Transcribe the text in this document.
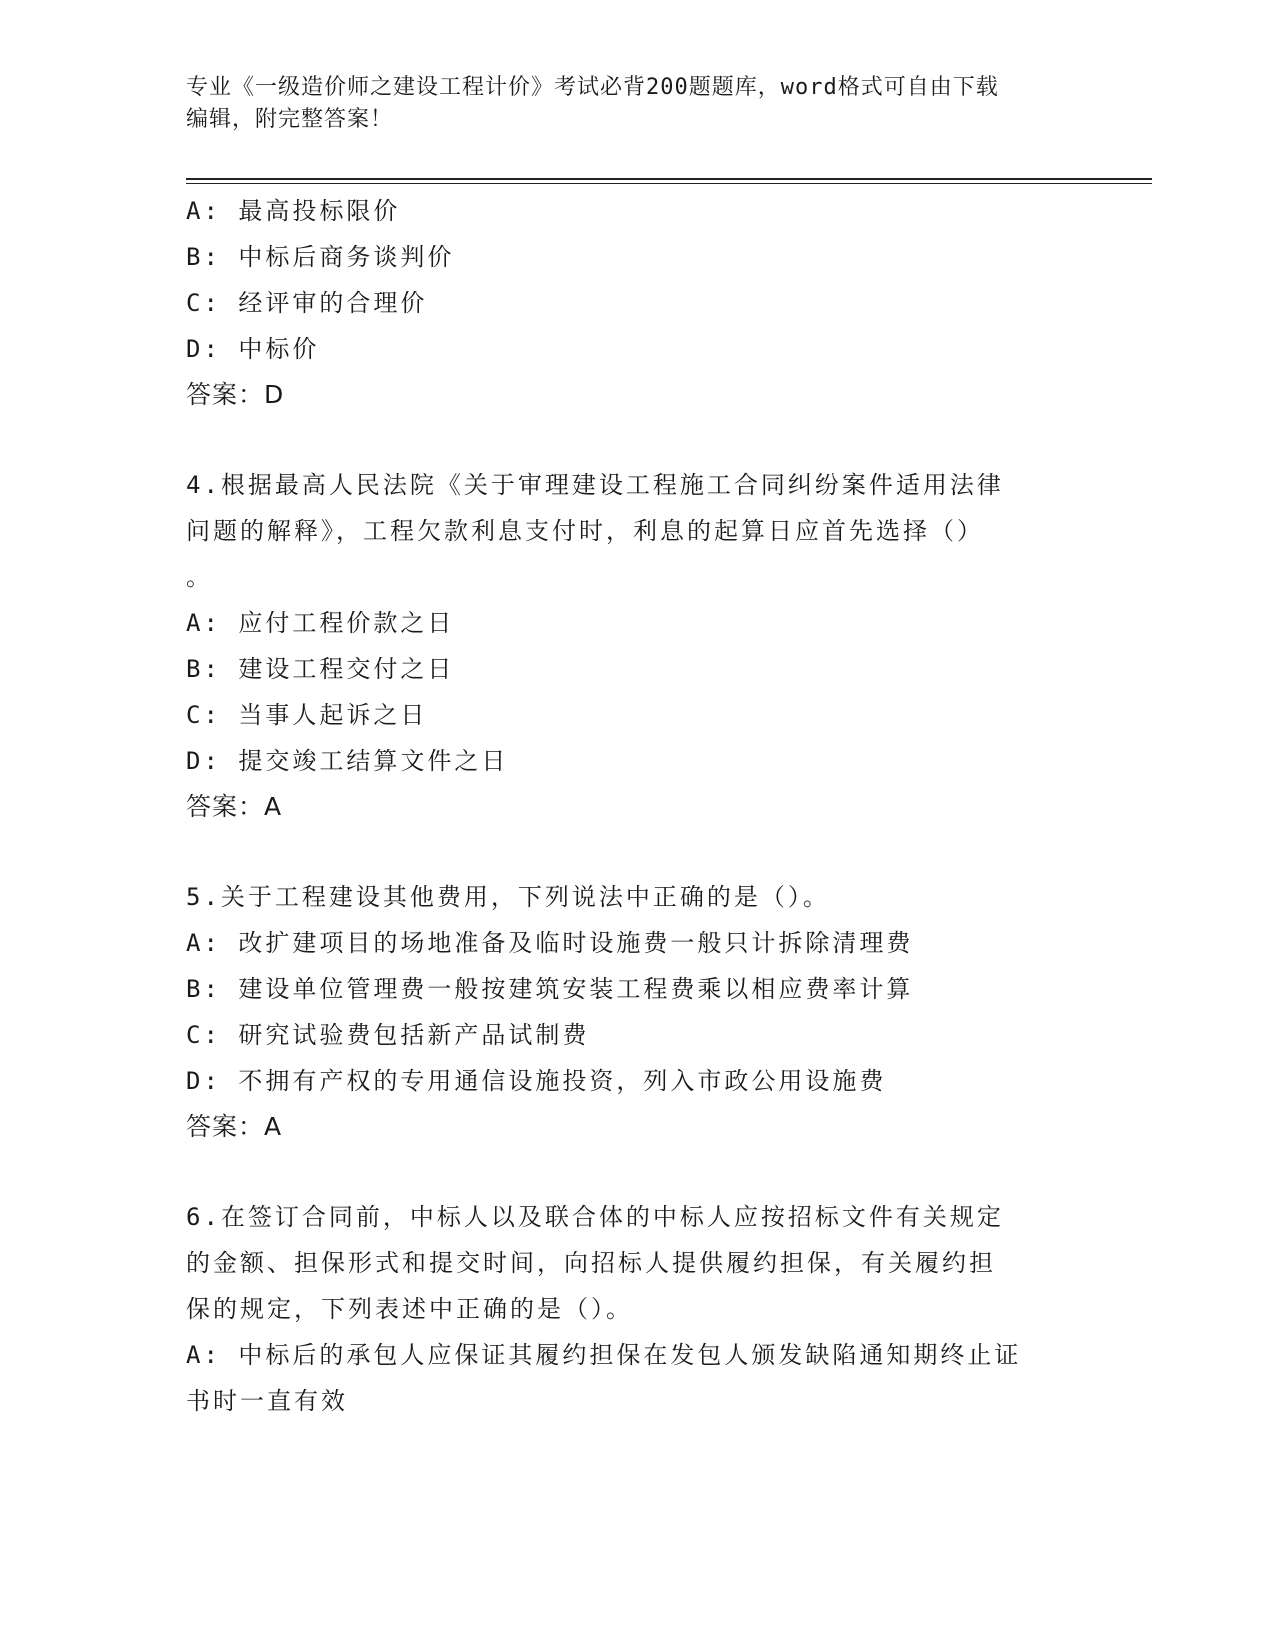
专业《一级造价师之建设工程计价》考试必背200题题库，word格式可自由下载
编辑，附完整答案！
A: 最高投标限价
B: 中标后商务谈判价
C: 经评审的合理价
D: 中标价
答案：D
4.根据最高人民法院《关于审理建设工程施工合同纠纷案件适用法律
问题的解释》，工程欠款利息支付时，利息的起算日应首先选择（）
。
A: 应付工程价款之日
B: 建设工程交付之日
C: 当事人起诉之日
D: 提交竣工结算文件之日
答案：A
5.关于工程建设其他费用，下列说法中正确的是（）。
A: 改扩建项目的场地准备及临时设施费一般只计拆除清理费
B: 建设单位管理费一般按建筑安装工程费乘以相应费率计算
C: 研究试验费包括新产品试制费
D: 不拥有产权的专用通信设施投资，列入市政公用设施费
答案：A
6.在签订合同前，中标人以及联合体的中标人应按招标文件有关规定
的金额、担保形式和提交时间，向招标人提供履约担保，有关履约担
保的规定，下列表述中正确的是（）。
A: 中标后的承包人应保证其履约担保在发包人颁发缺陷通知期终止证
书时一直有效
